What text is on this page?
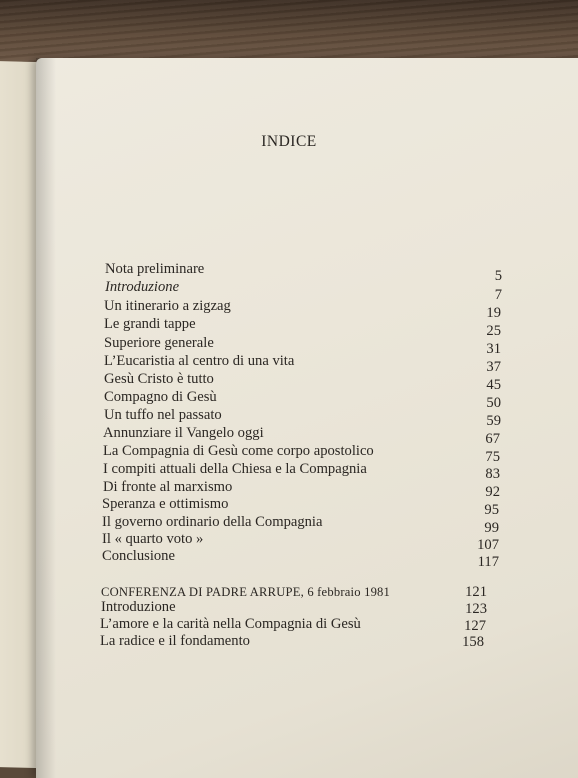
INDICE
Nota preliminare	5
Introduzione	7
Un itinerario a zigzag	19
Le grandi tappe	25
Superiore generale	31
L’Eucaristia al centro di una vita	37
Gesù Cristo è tutto	45
Compagno di Gesù	50
Un tuffo nel passato	59
Annunziare il Vangelo oggi	67
La Compagnia di Gesù come corpo apostolico	75
I compiti attuali della Chiesa e la Compagnia	83
Di fronte al marxismo	92
Speranza e ottimismo	95
Il governo ordinario della Compagnia	99
Il « quarto voto »	107
Conclusione	117
CONFERENZA DI PADRE ARRUPE, 6 febbraio 1981	121
Introduzione	123
L’amore e la carità nella Compagnia di Gesù	127
La radice e il fondamento	158
